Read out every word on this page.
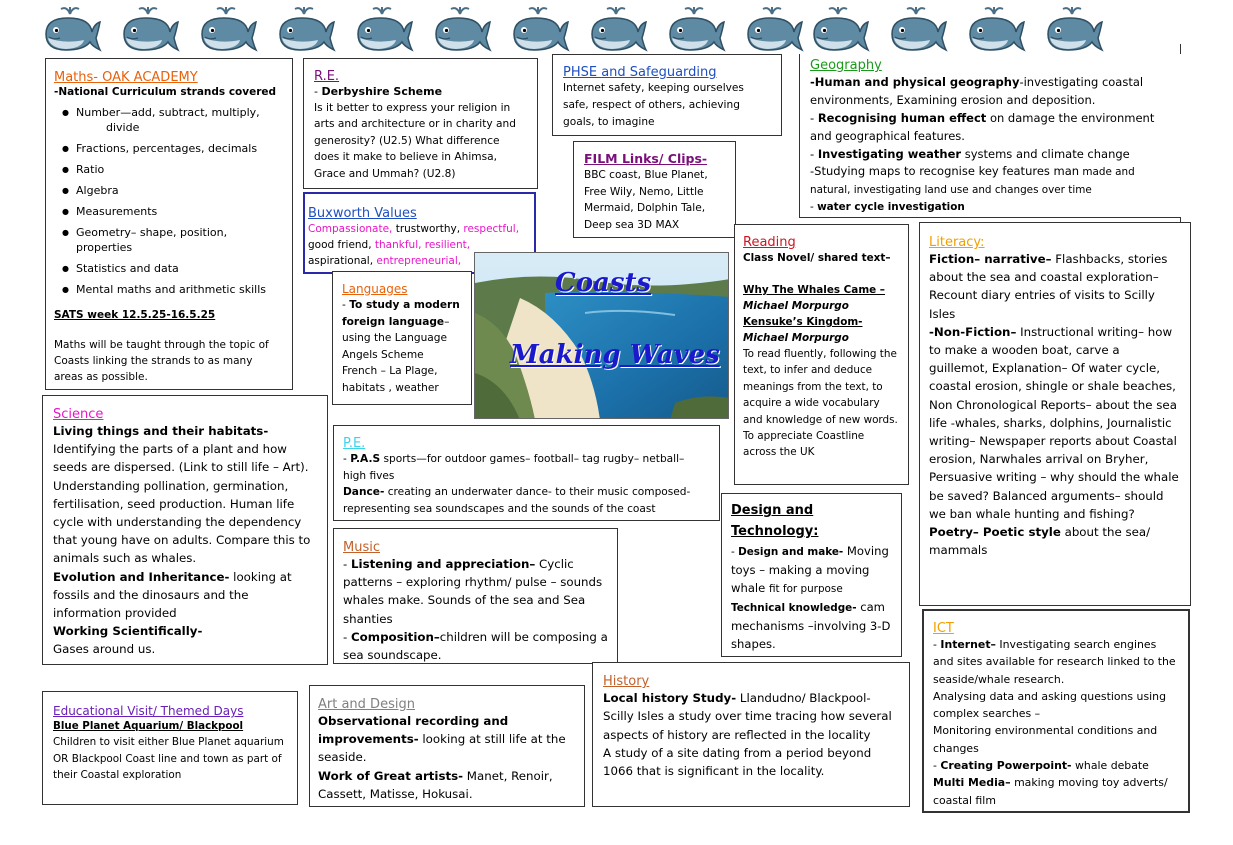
Maths- OAK ACADEMY
-National Curriculum strands covered
● Number—add, subtract, multiply,
divide
● Fractions, percentages, decimals
● Ratio
● Algebra
● Measurements
● Geometry– shape, position, properties
● Statistics and data
● Mental maths and arithmetic skills
SATS week 12.5.25-16.5.25
Maths will be taught through the topic of Coasts linking the strands to as many areas as possible.
R.E.
- Derbyshire Scheme
Is it better to express your religion in arts and architecture or in charity and generosity? (U2.5) What difference does it make to believe in Ahimsa, Grace and Ummah? (U2.8)
PHSE and Safeguarding
Internet safety, keeping ourselves safe, respect of others, achieving goals, to imagine
Geography
-Human and physical geography-investigating coastal environments, Examining erosion and deposition.
- Recognising human effect on damage the environment and geographical features.
- Investigating weather systems and climate change
-Studying maps to recognise key features man made and natural, investigating land use and changes over time
- water cycle investigation
FILM Links/ Clips-
BBC coast, Blue Planet, Free Wily, Nemo, Little Mermaid, Dolphin Tale, Deep sea 3D MAX
Buxworth Values
Compassionate, trustworthy, respectful, good friend, thankful, resilient, aspirational, entrepreneurial,
Languages
- To study a modern foreign language– using the Language Angels Scheme
French – La Plage, habitats , weather
Coasts
Making Waves
Reading
Class Novel/ shared text–
Why The Whales Came –
Michael Morpurgo
Kensuke’s Kingdom-
Michael Morpurgo
To read fluently, following the text, to infer and deduce meanings from the text, to acquire a wide vocabulary and knowledge of new words.
To appreciate Coastline across the UK
Literacy:
Fiction– narrative– Flashbacks, stories about the sea and coastal exploration– Recount diary entries of visits to Scilly Isles
-Non-Fiction– Instructional writing– how to make a wooden boat, carve a guillemot, Explanation– Of water cycle, coastal erosion, shingle or shale beaches, Non Chronological Reports– about the sea life -whales, sharks, dolphins, Journalistic writing– Newspaper reports about Coastal erosion, Narwhales arrival on Bryher, Persuasive writing – why should the whale be saved? Balanced arguments– should we ban whale hunting and fishing?
Poetry– Poetic style about the sea/ mammals
Science
Living things and their habitats- Identifying the parts of a plant and how seeds are dispersed. (Link to still life – Art). Understanding pollination, germination, fertilisation, seed production. Human life cycle with understanding the dependency that young have on adults. Compare this to animals such as whales.
Evolution and Inheritance- looking at fossils and the dinosaurs and the information provided
Working Scientifically-
Gases around us.
P.E.
- P.A.S sports—for outdoor games– football– tag rugby– netball– high fives
Dance- creating an underwater dance- to their music composed- representing sea soundscapes and the sounds of the coast
Music
- Listening and appreciation– Cyclic patterns – exploring rhythm/ pulse – sounds whales make. Sounds of the sea and Sea shanties
- Composition–children will be composing a sea soundscape.
Design and Technology:
- Design and make- Moving toys – making a moving whale fit for purpose
Technical knowledge- cam mechanisms –involving 3-D shapes.
ICT
- Internet– Investigating search engines and sites available for research linked to the seaside/whale research.
Analysing data and asking questions using complex searches –
Monitoring environmental conditions and changes
- Creating Powerpoint- whale debate
Multi Media– making moving toy adverts/ coastal film
Educational Visit/ Themed Days
Blue Planet Aquarium/ Blackpool
Children to visit either Blue Planet aquarium OR Blackpool Coast line and town as part of their Coastal exploration
Art and Design
Observational recording and improvements- looking at still life at the seaside.
Work of Great artists- Manet, Renoir, Cassett, Matisse, Hokusai.
History
Local history Study- Llandudno/ Blackpool- Scilly Isles a study over time tracing how several aspects of history are reflected in the locality
A study of a site dating from a period beyond 1066 that is significant in the locality.
